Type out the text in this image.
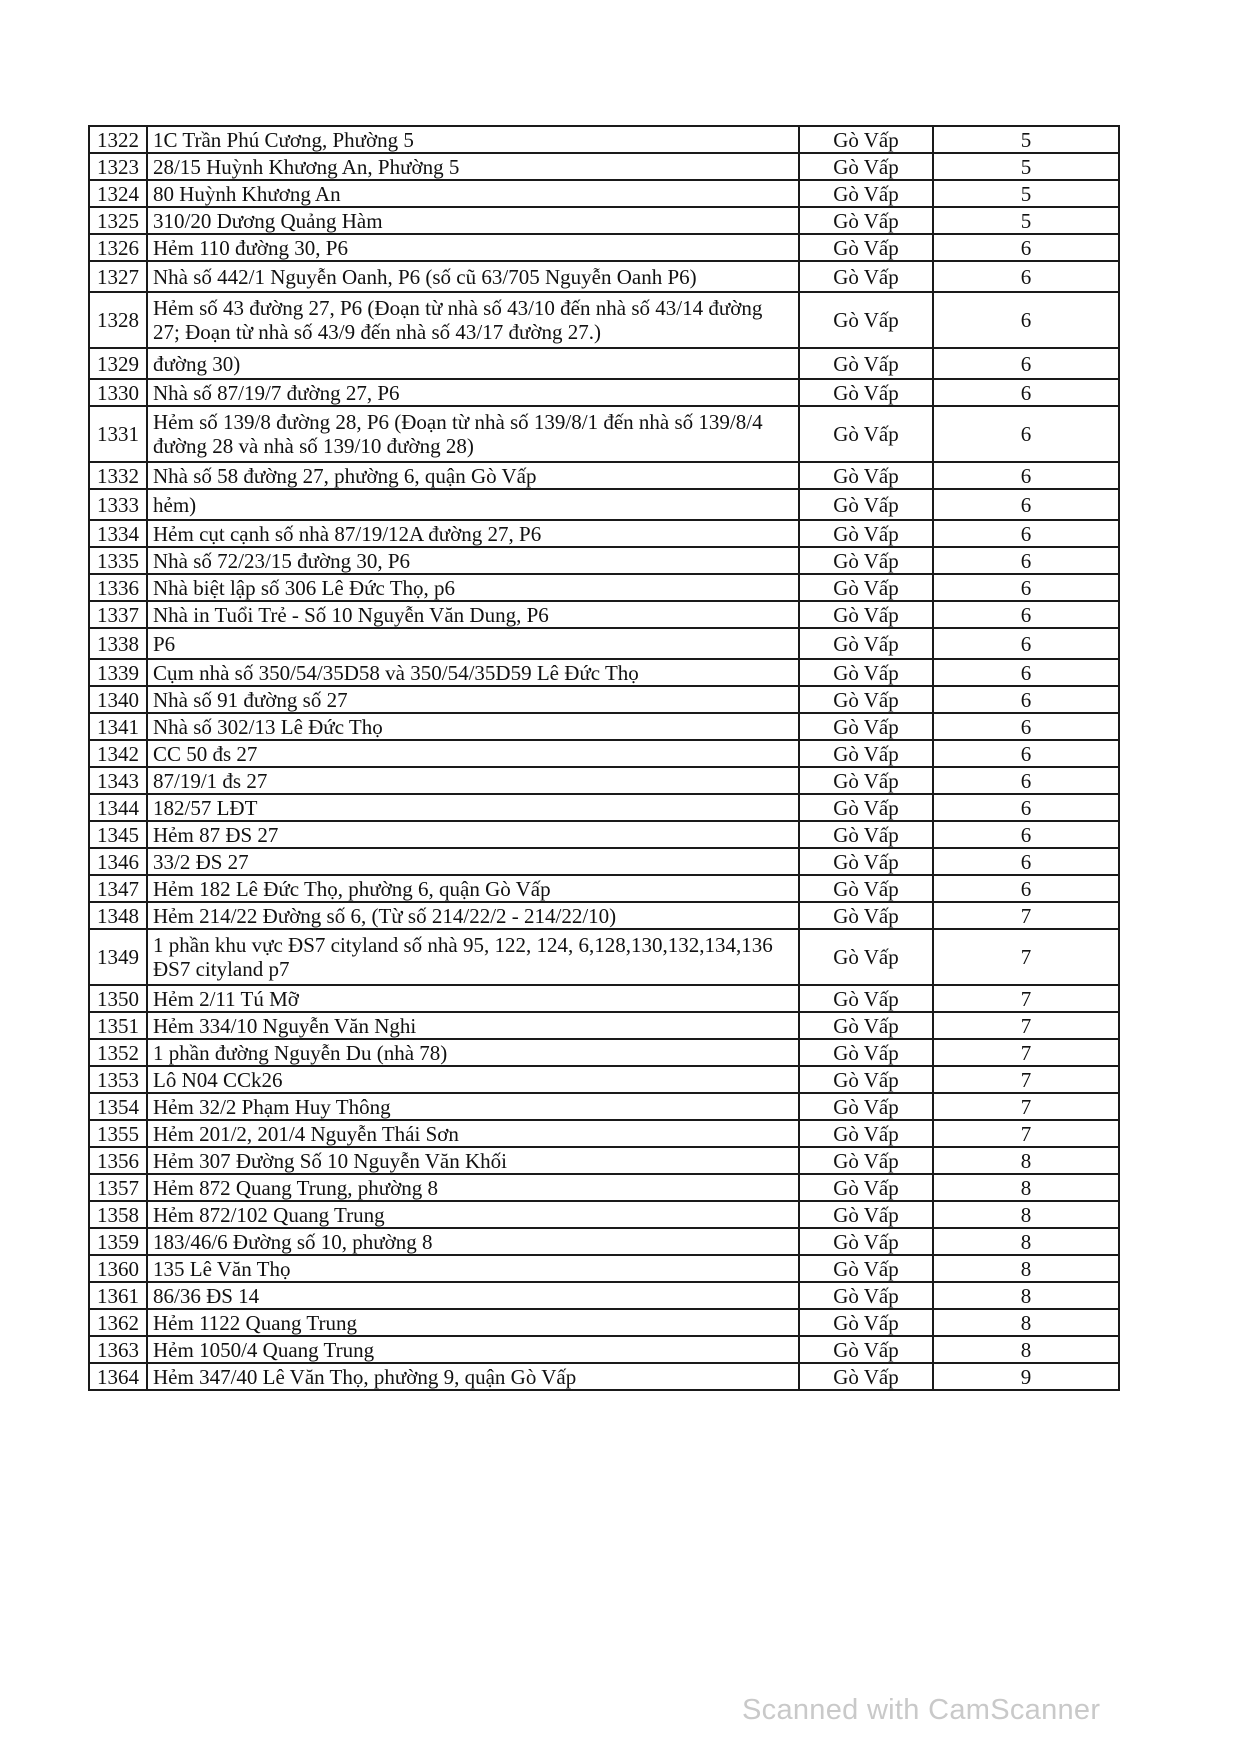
1322	1C Trần Phú Cương, Phường 5	Gò Vấp	5
1323	28/15 Huỳnh Khương An, Phường 5	Gò Vấp	5
1324	80 Huỳnh Khương An	Gò Vấp	5
1325	310/20 Dương Quảng Hàm	Gò Vấp	5
1326	Hẻm 110 đường 30, P6	Gò Vấp	6
1327	Nhà số 442/1 Nguyễn Oanh, P6 (số cũ 63/705 Nguyễn Oanh P6)	Gò Vấp	6
1328	Hẻm số 43 đường 27, P6 (Đoạn từ nhà số 43/10 đến nhà số 43/14 đường 27; Đoạn từ nhà số 43/9 đến nhà số 43/17 đường 27.)	Gò Vấp	6
1329	đường 30)	Gò Vấp	6
1330	Nhà số 87/19/7 đường 27, P6	Gò Vấp	6
1331	Hẻm số 139/8 đường 28, P6 (Đoạn từ nhà số 139/8/1 đến nhà số 139/8/4 đường 28 và nhà số 139/10 đường 28)	Gò Vấp	6
1332	Nhà số 58 đường 27, phường 6, quận Gò Vấp	Gò Vấp	6
1333	hẻm)	Gò Vấp	6
1334	Hẻm cụt cạnh số nhà 87/19/12A đường 27, P6	Gò Vấp	6
1335	Nhà số 72/23/15 đường 30, P6	Gò Vấp	6
1336	Nhà biệt lập số 306 Lê Đức Thọ, p6	Gò Vấp	6
1337	Nhà in Tuổi Trẻ - Số 10 Nguyễn Văn Dung, P6	Gò Vấp	6
1338	P6	Gò Vấp	6
1339	Cụm nhà số 350/54/35D58 và 350/54/35D59 Lê Đức Thọ	Gò Vấp	6
1340	Nhà số 91 đường số 27	Gò Vấp	6
1341	Nhà số 302/13 Lê Đức Thọ	Gò Vấp	6
1342	CC 50 đs 27	Gò Vấp	6
1343	87/19/1 đs 27	Gò Vấp	6
1344	182/57 LĐT	Gò Vấp	6
1345	Hẻm 87 ĐS 27	Gò Vấp	6
1346	33/2 ĐS 27	Gò Vấp	6
1347	Hẻm 182 Lê Đức Thọ, phường 6, quận Gò Vấp	Gò Vấp	6
1348	Hẻm 214/22 Đường số 6, (Từ số 214/22/2 - 214/22/10)	Gò Vấp	7
1349	1 phần khu vực ĐS7 cityland số nhà 95, 122, 124, 6,128,130,132,134,136 ĐS7 cityland p7	Gò Vấp	7
1350	Hẻm 2/11 Tú Mỡ	Gò Vấp	7
1351	Hẻm 334/10 Nguyễn Văn Nghi	Gò Vấp	7
1352	1 phần đường Nguyễn Du (nhà 78)	Gò Vấp	7
1353	Lô N04 CCk26	Gò Vấp	7
1354	Hẻm 32/2 Phạm Huy Thông	Gò Vấp	7
1355	Hẻm 201/2, 201/4 Nguyễn Thái Sơn	Gò Vấp	7
1356	Hẻm 307 Đường Số 10 Nguyễn Văn Khối	Gò Vấp	8
1357	Hẻm 872 Quang Trung, phường 8	Gò Vấp	8
1358	Hẻm 872/102 Quang Trung	Gò Vấp	8
1359	183/46/6 Đường số 10, phường 8	Gò Vấp	8
1360	135 Lê Văn Thọ	Gò Vấp	8
1361	86/36 ĐS 14	Gò Vấp	8
1362	Hẻm 1122 Quang Trung	Gò Vấp	8
1363	Hẻm 1050/4 Quang Trung	Gò Vấp	8
1364	Hẻm 347/40 Lê Văn Thọ, phường 9, quận Gò Vấp	Gò Vấp	9
Scanned with CamScanner
